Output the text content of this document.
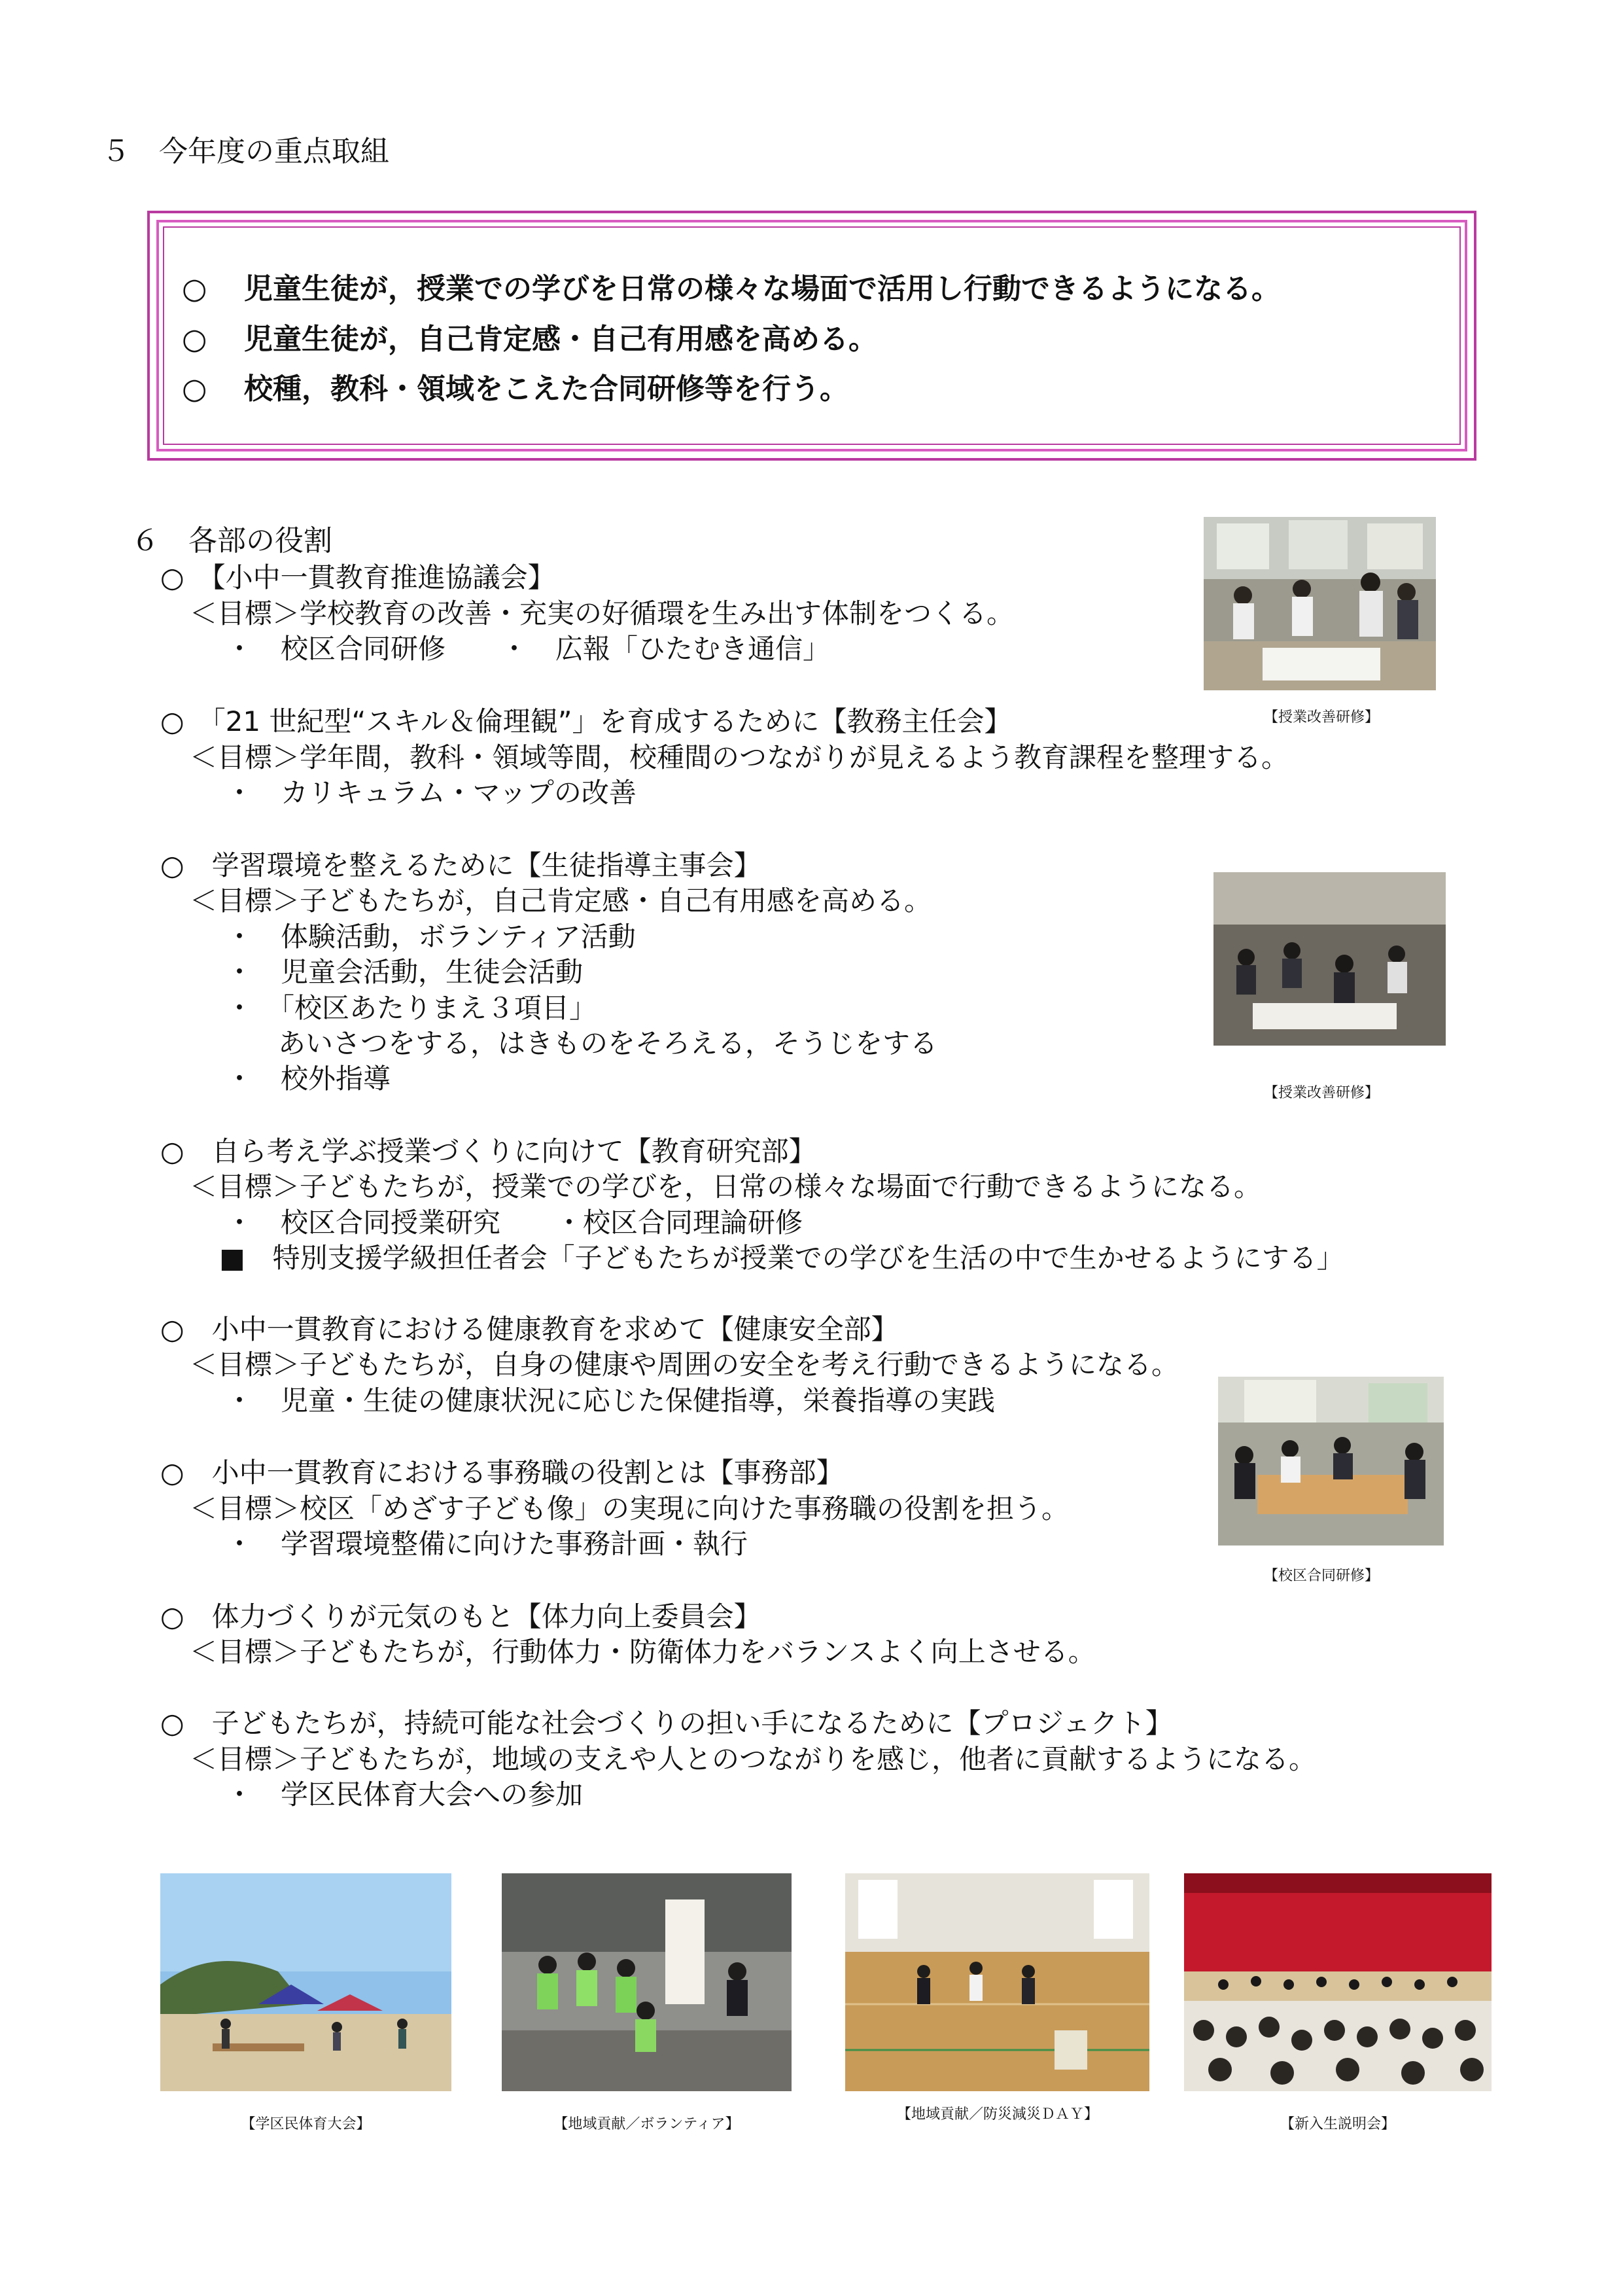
５　今年度の重点取組
○ 児童生徒が，授業での学びを日常の様々な場面で活用し行動できるようになる。
○ 児童生徒が，自己肯定感・自己有用感を高める。
○ 校種，教科・領域をこえた合同研修等を行う。
６　各部の役割
○　【小中一貫教育推進協議会】
＜目標＞学校教育の改善・充実の好循環を生み出す体制をつくる。
・　校区合同研修　　・　広報「ひたむき通信」
○　「21 世紀型“スキル＆倫理観”」を育成するために【教務主任会】
＜目標＞学年間，教科・領域等間，校種間のつながりが見えるよう教育課程を整理する。
・　カリキュラム・マップの改善
○　学習環境を整えるために【生徒指導主事会】
＜目標＞子どもたちが，自己肯定感・自己有用感を高める。
・　体験活動，ボランティア活動
・　児童会活動，生徒会活動
・　「校区あたりまえ３項目」
あいさつをする，はきものをそろえる，そうじをする
・　校外指導
○　自ら考え学ぶ授業づくりに向けて【教育研究部】
＜目標＞子どもたちが，授業での学びを，日常の様々な場面で行動できるようになる。
・　校区合同授業研究　　・校区合同理論研修
■　特別支援学級担任者会「子どもたちが授業での学びを生活の中で生かせるようにする」
○　小中一貫教育における健康教育を求めて【健康安全部】
＜目標＞子どもたちが，自身の健康や周囲の安全を考え行動できるようになる。
・　児童・生徒の健康状況に応じた保健指導，栄養指導の実践
○　小中一貫教育における事務職の役割とは【事務部】
＜目標＞校区「めざす子ども像」の実現に向けた事務職の役割を担う。
・　学習環境整備に向けた事務計画・執行
○　体力づくりが元気のもと【体力向上委員会】
＜目標＞子どもたちが，行動体力・防衛体力をバランスよく向上させる。
○　子どもたちが，持続可能な社会づくりの担い手になるために【プロジェクト】
＜目標＞子どもたちが，地域の支えや人とのつながりを感じ，他者に貢献するようになる。
・　学区民体育大会への参加
【授業改善研修】
【授業改善研修】
【校区合同研修】
【学区民体育大会】	【地域貢献／ボランティア】
【地域貢献／防災減災ＤＡＹ】
【新入生説明会】
